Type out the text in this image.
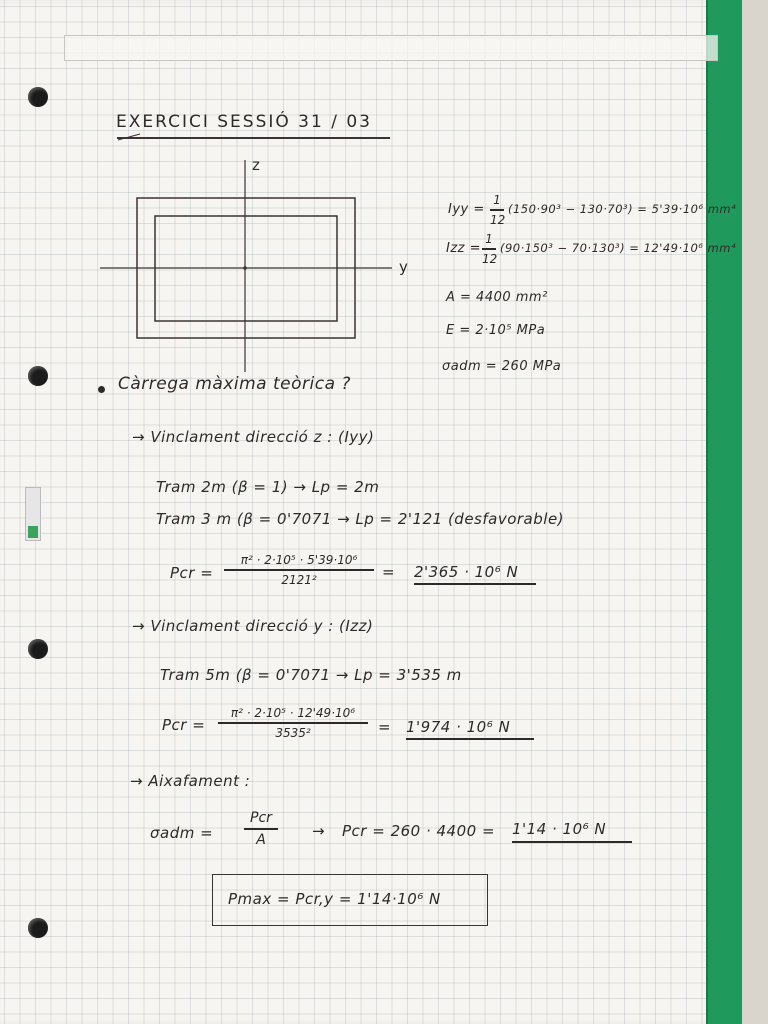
EXERCICI SESSIÓ 31 / 03
z
y
Iyy =
1
12
(150·90³ − 130·70³) = 5'39·10⁶ mm⁴
Izz =
1
12
(90·150³ − 70·130³) = 12'49·10⁶ mm⁴
A = 4400 mm²
E = 2·10⁵ MPa
σadm = 260 MPa
Càrrega màxima teòrica ?
→ Vinclament direcció z : (Iyy)
Tram 2m (β = 1) → Lp = 2m
Tram 3 m (β = 0'7071 → Lp = 2'121 (desfavorable)
Pcr =
π² · 2·10⁵ · 5'39·10⁶
2121²	= 2'365 · 10⁶ N
→ Vinclament direcció y : (Izz)
Tram 5m (β = 0'7071 → Lp = 3'535 m
Pcr =
π² · 2·10⁵ · 12'49·10⁶
3535²	= 1'974 · 10⁶ N
→ Aixafament :
σadm =
Pcr
A	→ Pcr = 260 · 4400 = 1'14 · 10⁶ N
Pmax = Pcr,y = 1'14·10⁶ N
